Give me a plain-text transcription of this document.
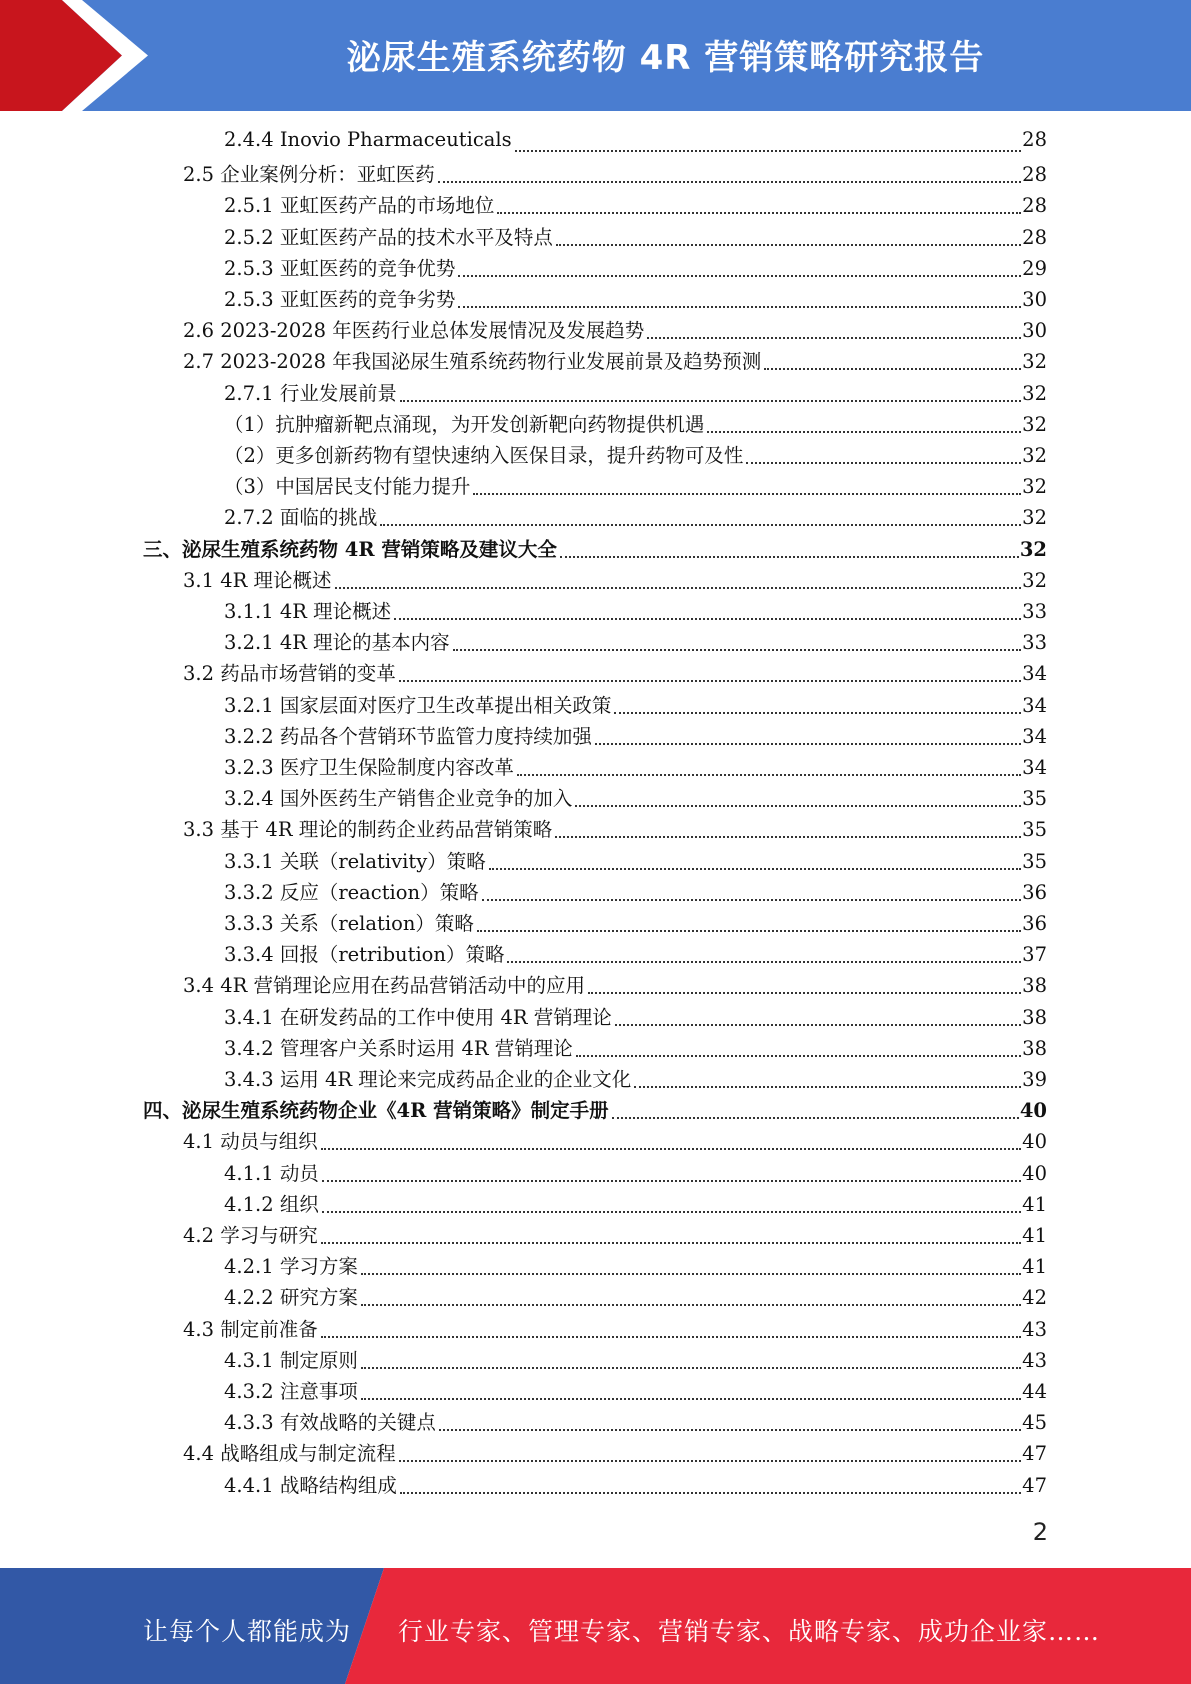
泌尿生殖系统药物 4R 营销策略研究报告
2.4.4 Inovio Pharmaceuticals	28
2.5 企业案例分析：亚虹医药	28
2.5.1 亚虹医药产品的市场地位	28
2.5.2 亚虹医药产品的技术水平及特点	28
2.5.3 亚虹医药的竞争优势	29
2.5.3 亚虹医药的竞争劣势	30
2.6 2023-2028 年医药行业总体发展情况及发展趋势	30
2.7 2023-2028 年我国泌尿生殖系统药物行业发展前景及趋势预测	32
2.7.1 行业发展前景	32
（1）抗肿瘤新靶点涌现，为开发创新靶向药物提供机遇	32
（2）更多创新药物有望快速纳入医保目录，提升药物可及性	32
（3）中国居民支付能力提升	32
2.7.2 面临的挑战	32
三、泌尿生殖系统药物 4R 营销策略及建议大全	32
3.1 4R 理论概述	32
3.1.1 4R 理论概述	33
3.2.1 4R 理论的基本内容	33
3.2 药品市场营销的变革	34
3.2.1 国家层面对医疗卫生改革提出相关政策	34
3.2.2 药品各个营销环节监管力度持续加强	34
3.2.3 医疗卫生保险制度内容改革	34
3.2.4 国外医药生产销售企业竞争的加入	35
3.3 基于 4R 理论的制药企业药品营销策略	35
3.3.1 关联（relativity）策略	35
3.3.2 反应（reaction）策略	36
3.3.3 关系（relation）策略	36
3.3.4 回报（retribution）策略	37
3.4 4R 营销理论应用在药品营销活动中的应用	38
3.4.1 在研发药品的工作中使用 4R 营销理论	38
3.4.2 管理客户关系时运用 4R 营销理论	38
3.4.3 运用 4R 理论来完成药品企业的企业文化	39
四、泌尿生殖系统药物企业《4R 营销策略》制定手册	40
4.1 动员与组织	40
4.1.1 动员	40
4.1.2 组织	41
4.2 学习与研究	41
4.2.1 学习方案	41
4.2.2 研究方案	42
4.3 制定前准备	43
4.3.1 制定原则	43
4.3.2 注意事项	44
4.3.3 有效战略的关键点	45
4.4 战略组成与制定流程	47
4.4.1 战略结构组成	47
2
让每个人都能成为 行业专家、管理专家、营销专家、战略专家、成功企业家……
